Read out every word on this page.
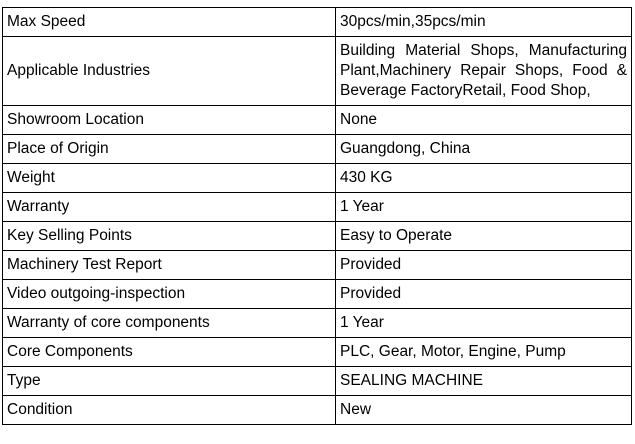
Max Speed	30pcs/min,35pcs/min
Applicable Industries	Building Material Shops, Manufacturing Plant,Machinery Repair Shops, Food & Beverage FactoryRetail, Food Shop,
Showroom Location	None
Place of Origin	Guangdong, China
Weight	430 KG
Warranty	1 Year
Key Selling Points	Easy to Operate
Machinery Test Report	Provided
Video outgoing-inspection	Provided
Warranty of core components	1 Year
Core Components	PLC, Gear, Motor, Engine, Pump
Type	SEALING MACHINE
Condition	New
